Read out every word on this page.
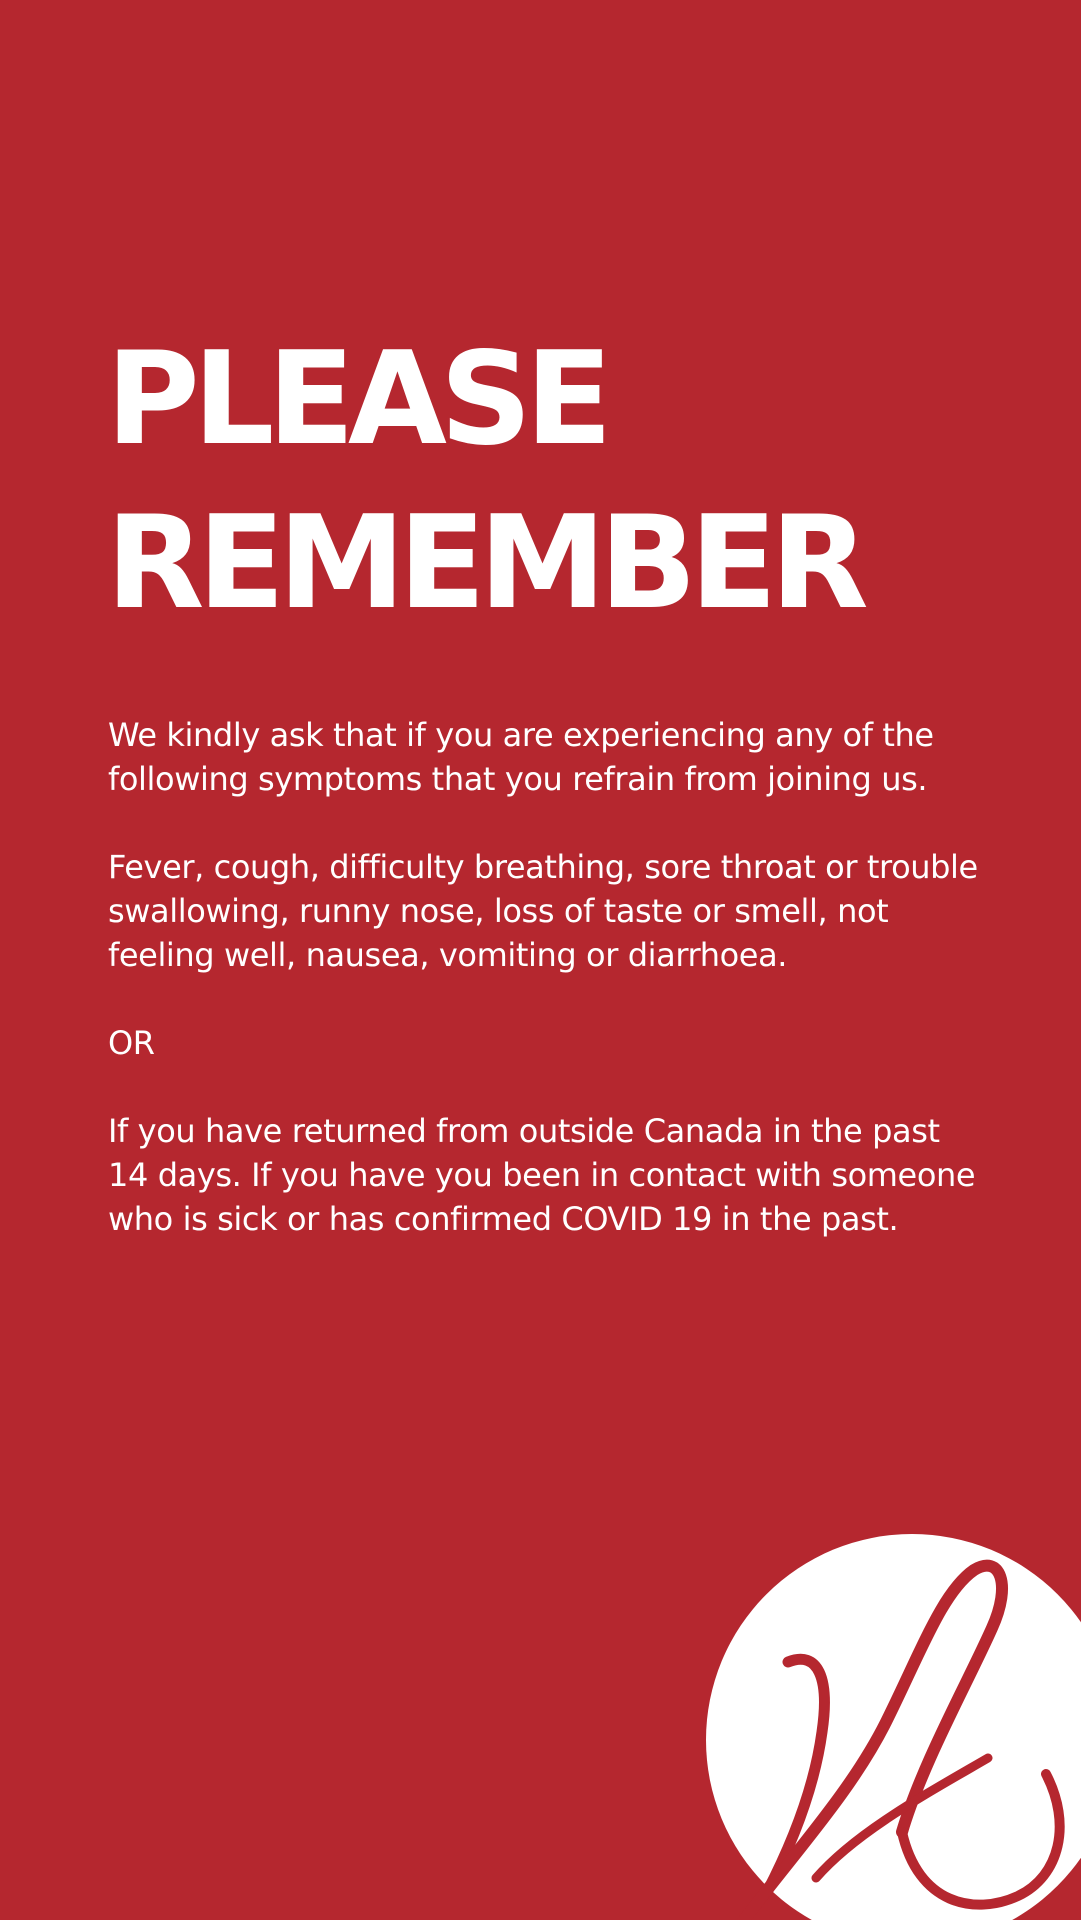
PLEASE
REMEMBER

We kindly ask that if you are experiencing any of the following symptoms that you refrain from joining us.

Fever, cough, difficulty breathing, sore throat or trouble swallowing, runny nose, loss of taste or smell, not feeling well, nausea, vomiting or diarrhoea.

OR

If you have returned from outside Canada in the past 14 days. If you have you been in contact with someone who is sick or has confirmed COVID 19 in the past.
